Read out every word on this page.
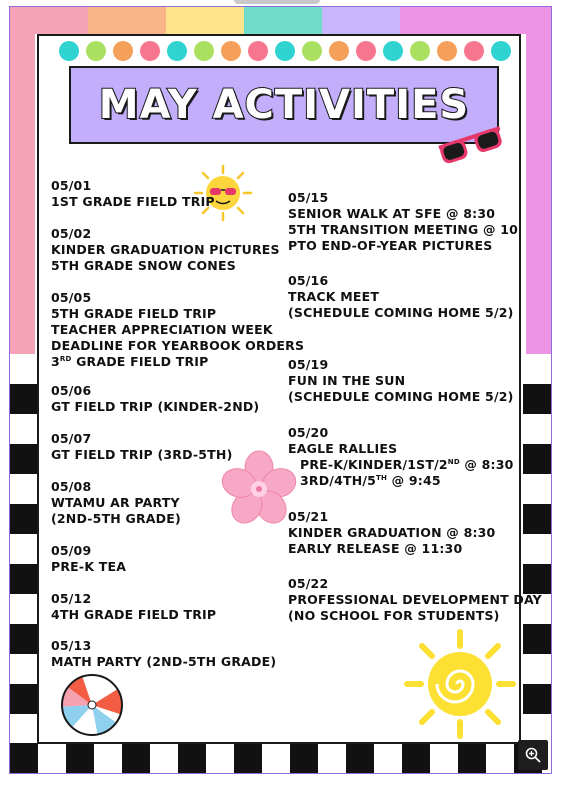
MAY ACTIVITIES
05/01
1ST GRADE FIELD TRIP
05/02
KINDER GRADUATION PICTURES
5TH GRADE SNOW CONES
05/05
5TH GRADE FIELD TRIP
TEACHER APPRECIATION WEEK
DEADLINE FOR YEARBOOK ORDERS
3RD GRADE FIELD TRIP
05/06
GT FIELD TRIP (KINDER-2ND)
05/07
GT FIELD TRIP (3RD-5TH)
05/08
WTAMU AR PARTY
(2ND-5TH GRADE)
05/09
PRE-K TEA
05/12
4TH GRADE FIELD TRIP
05/13
MATH PARTY (2ND-5TH GRADE)
05/15
SENIOR WALK AT SFE @ 8:30
5TH TRANSITION MEETING @ 10
PTO END-OF-YEAR PICTURES
05/16
TRACK MEET
(SCHEDULE COMING HOME 5/2)
05/19
FUN IN THE SUN
(SCHEDULE COMING HOME 5/2)
05/20
EAGLE RALLIES
PRE-K/KINDER/1ST/2ND @ 8:30
3RD/4TH/5TH @ 9:45
05/21
KINDER GRADUATION @ 8:30
EARLY RELEASE @ 11:30
05/22
PROFESSIONAL DEVELOPMENT DAY
(NO SCHOOL FOR STUDENTS)
